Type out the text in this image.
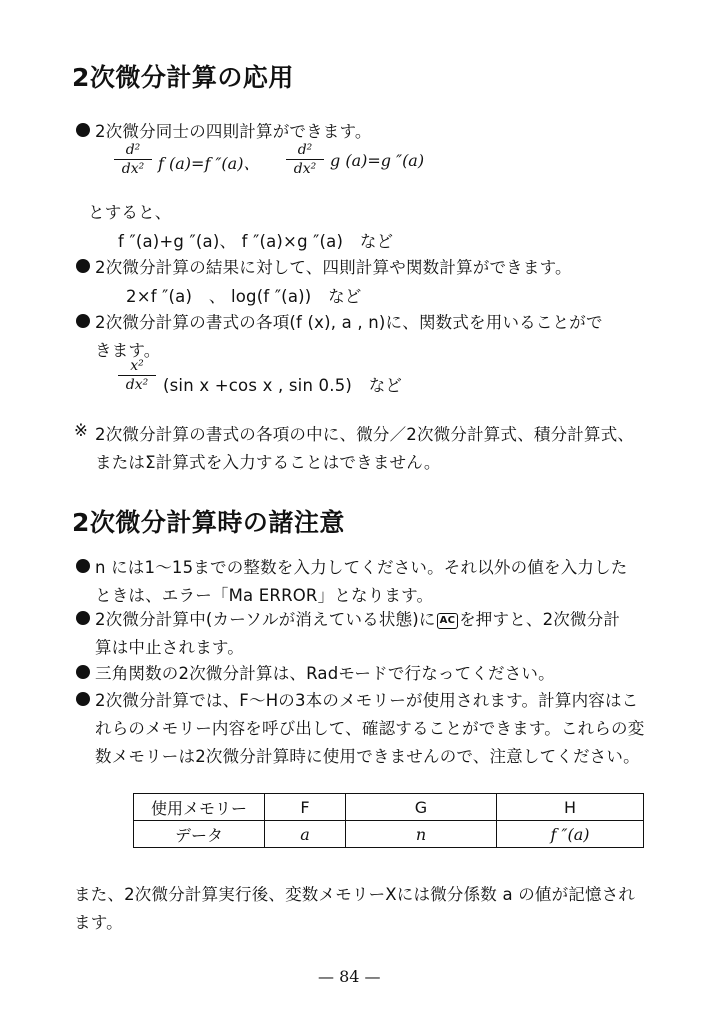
2次微分計算の応用
2次微分同士の四則計算ができます。
d²
dx² f (a)=f ″(a)、
d²
dx² g (a)=g ″(a)
とすると、
f ″(a)+g ″(a)、 f ″(a)×g ″(a)　など
2次微分計算の結果に対して、四則計算や関数計算ができます。
2×f ″(a)　、 log(f ″(a))　など
2次微分計算の書式の各項(f (x), a , n)に、関数式を用いることがで
きます。
x²
dx² (sin x +cos x , sin 0.5)　など
※ 2次微分計算の書式の各項の中に、微分／2次微分計算式、積分計算式、
またはΣ計算式を入力することはできません。
2次微分計算時の諸注意
n には1～15までの整数を入力してください。それ以外の値を入力した
ときは、エラー「Ma ERROR」となります。
2次微分計算中(カーソルが消えている状態)に AC を押すと、2次微分計
算は中止されます。
三角関数の2次微分計算は、Radモードで行なってください。
2次微分計算では、F～Hの3本のメモリーが使用されます。計算内容はこ
れらのメモリー内容を呼び出して、確認することができます。これらの変
数メモリーは2次微分計算時に使用できませんので、注意してください。
使用メモリー	F	G	H
データ	a	n	f ″(a)
また、2次微分計算実行後、変数メモリーXには微分係数 a の値が記憶され
ます。
— 84 —
